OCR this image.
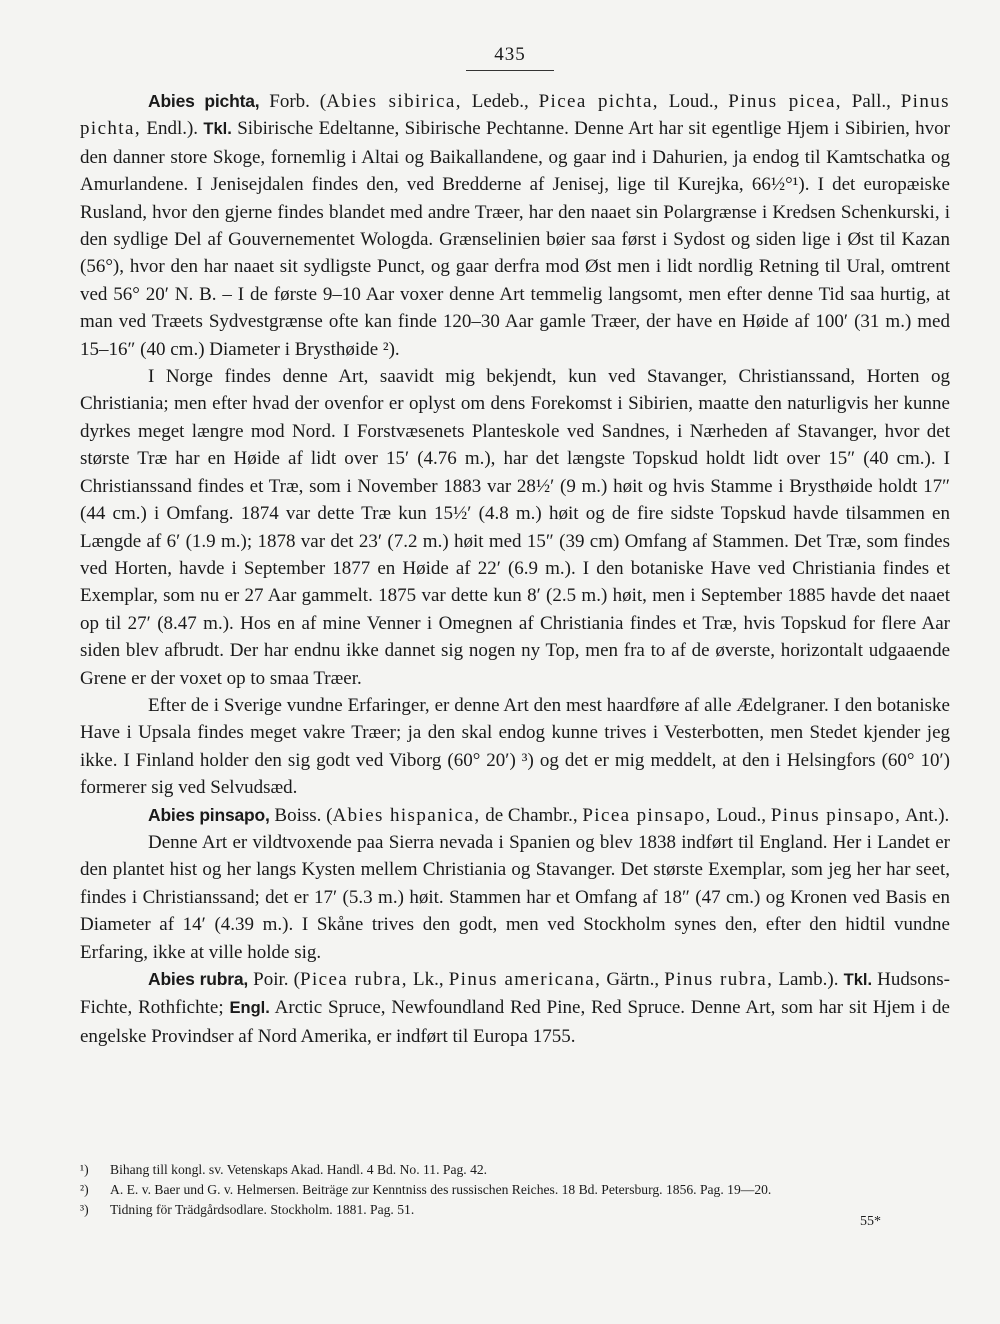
435

Abies pichta, Forb. (Abies sibirica, Ledeb., Picea pichta, Loud., Pinus picea, Pall., Pinus pichta, Endl.). Tkl. Sibirische Edeltanne, Sibirische Pechtanne. Denne Art har sit egentlige Hjem i Sibirien, hvor den danner store Skoge, fornemlig i Altai og Baikallandene, og gaar ind i Dahurien, ja endog til Kamtschatka og Amurlandene. I Jenisejdalen findes den, ved Bredderne af Jenisej, lige til Kurejka, 66½°¹). I det europæiske Rusland, hvor den gjerne findes blandet med andre Træer, har den naaet sin Polargrænse i Kredsen Schenkurski, i den sydlige Del af Gouvernementet Wologda. Grænselinien bøier saa først i Sydost og siden lige i Øst til Kazan (56°), hvor den har naaet sit sydligste Punct, og gaar derfra mod Øst men i lidt nordlig Retning til Ural, omtrent ved 56° 20′ N. B. – I de første 9–10 Aar voxer denne Art temmelig langsomt, men efter denne Tid saa hurtig, at man ved Træets Sydvestgrænse ofte kan finde 120–30 Aar gamle Træer, der have en Høide af 100′ (31 m.) med 15–16″ (40 cm.) Diameter i Brysthøide ²).

I Norge findes denne Art, saavidt mig bekjendt, kun ved Stavanger, Christianssand, Horten og Christiania; men efter hvad der ovenfor er oplyst om dens Forekomst i Sibirien, maatte den naturligvis her kunne dyrkes meget længre mod Nord. I Forstvæsenets Planteskole ved Sandnes, i Nærheden af Stavanger, hvor det største Træ har en Høide af lidt over 15′ (4.76 m.), har det længste Topskud holdt lidt over 15″ (40 cm.). I Christianssand findes et Træ, som i November 1883 var 28½′ (9 m.) høit og hvis Stamme i Brysthøide holdt 17″ (44 cm.) i Omfang. 1874 var dette Træ kun 15½′ (4.8 m.) høit og de fire sidste Topskud havde tilsammen en Længde af 6′ (1.9 m.); 1878 var det 23′ (7.2 m.) høit med 15″ (39 cm) Omfang af Stammen. Det Træ, som findes ved Horten, havde i September 1877 en Høide af 22′ (6.9 m.). I den botaniske Have ved Christiania findes et Exemplar, som nu er 27 Aar gammelt. 1875 var dette kun 8′ (2.5 m.) høit, men i September 1885 havde det naaet op til 27′ (8.47 m.). Hos en af mine Venner i Omegnen af Christiania findes et Træ, hvis Topskud for flere Aar siden blev afbrudt. Der har endnu ikke dannet sig nogen ny Top, men fra to af de øverste, horizontalt udgaaende Grene er der voxet op to smaa Træer.

Efter de i Sverige vundne Erfaringer, er denne Art den mest haardføre af alle Ædelgraner. I den botaniske Have i Upsala findes meget vakre Træer; ja den skal endog kunne trives i Vesterbotten, men Stedet kjender jeg ikke. I Finland holder den sig godt ved Viborg (60° 20′) ³) og det er mig meddelt, at den i Helsingfors (60° 10′) formerer sig ved Selvudsæd.

Abies pinsapo, Boiss. (Abies hispanica, de Chambr., Picea pinsapo, Loud., Pinus pinsapo, Ant.).

Denne Art er vildtvoxende paa Sierra nevada i Spanien og blev 1838 indført til England. Her i Landet er den plantet hist og her langs Kysten mellem Christiania og Stavanger. Det største Exemplar, som jeg her har seet, findes i Christianssand; det er 17′ (5.3 m.) høit. Stammen har et Omfang af 18″ (47 cm.) og Kronen ved Basis en Diameter af 14′ (4.39 m.). I Skåne trives den godt, men ved Stockholm synes den, efter den hidtil vundne Erfaring, ikke at ville holde sig.

Abies rubra, Poir. (Picea rubra, Lk., Pinus americana, Gärtn., Pinus rubra, Lamb.). Tkl. Hudsons-Fichte, Rothfichte; Engl. Arctic Spruce, Newfoundland Red Pine, Red Spruce. Denne Art, som har sit Hjem i de engelske Provindser af Nord Amerika, er indført til Europa 1755.

¹)	Bihang till kongl. sv. Vetenskaps Akad. Handl. 4 Bd. No. 11. Pag. 42.
²)	A. E. v. Baer und G. v. Helmersen. Beiträge zur Kenntniss des russischen Reiches. 18 Bd. Petersburg. 1856. Pag. 19—20.
³)	Tidning för Trädgårdsodlare. Stockholm. 1881. Pag. 51.
55*
